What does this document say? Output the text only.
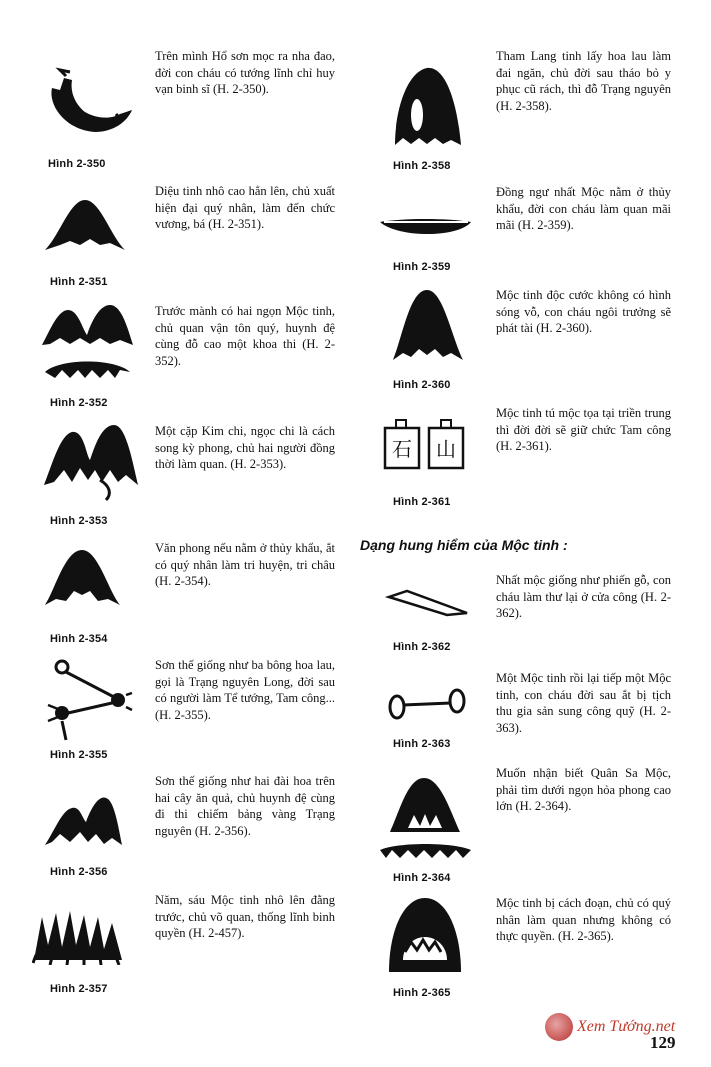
Hình 2-350
Trên mình Hổ sơn mọc ra nha đao, đời con cháu có tướng lĩnh chỉ huy vạn binh sĩ (H. 2-350).
Hình 2-351
Diệu tinh nhô cao hẳn lên, chủ xuất hiện đại quý nhân, làm đến chức vương, bá (H. 2-351).
Hình 2-352
Trước mành có hai ngọn Mộc tinh, chủ quan vận tôn quý, huynh đệ cùng đỗ cao một khoa thi (H. 2-352).
Hình 2-353
Một cặp Kim chi, ngọc chi là cách song kỳ phong, chủ hai người đồng thời làm quan. (H. 2-353).
Hình 2-354
Văn phong nếu nằm ở thủy khẩu, ắt có quý nhân làm tri huyện, tri châu (H. 2-354).
Hình 2-355
Sơn thế giống như ba bông hoa lau, gọi là Trạng nguyên Long, đời sau có người làm Tể tướng, Tam công... (H. 2-355).
Hình 2-356
Sơn thế giống như hai đài hoa trên hai cây ăn quả, chủ huynh đệ cùng đi thi chiếm bảng vàng Trạng nguyên (H. 2-356).
Hình 2-357
Năm, sáu Mộc tinh nhô lên đằng trước, chủ võ quan, thống lĩnh binh quyền (H. 2-457).
Hình 2-358
Tham Lang tinh lấy hoa lau làm đai ngăn, chủ đời sau tháo bỏ y phục cũ rách, thì đỗ Trạng nguyên (H. 2-358).
Hình 2-359
Đồng ngư nhất Mộc nằm ở thủy khẩu, đời con cháu làm quan mãi mãi (H. 2-359).
Hình 2-360
Mộc tinh độc cước không có hình sóng vỗ, con cháu ngôi trưởng sẽ phát tài (H. 2-360).
石 山
Hình 2-361
Mộc tinh tú mộc tọa tại triền trung thì đời đời sẽ giữ chức Tam công (H. 2-361).
Dạng hung hiểm của Mộc tinh :
Hình 2-362
Nhất mộc giống như phiến gỗ, con cháu làm thư lại ở cửa công (H. 2-362).
Hình 2-363
Một Mộc tinh rồi lại tiếp một Mộc tinh, con cháu đời sau ắt bị tịch thu gia sản sung công quỹ (H. 2-363).
Hình 2-364
Muốn nhận biết Quân Sa Mộc, phải tìm dưới ngọn hỏa phong cao lớn (H. 2-364).
Hình 2-365
Mộc tinh bị cách đoạn, chủ có quý nhân làm quan nhưng không có thực quyền. (H. 2-365).
Xem Tướng.net
129
